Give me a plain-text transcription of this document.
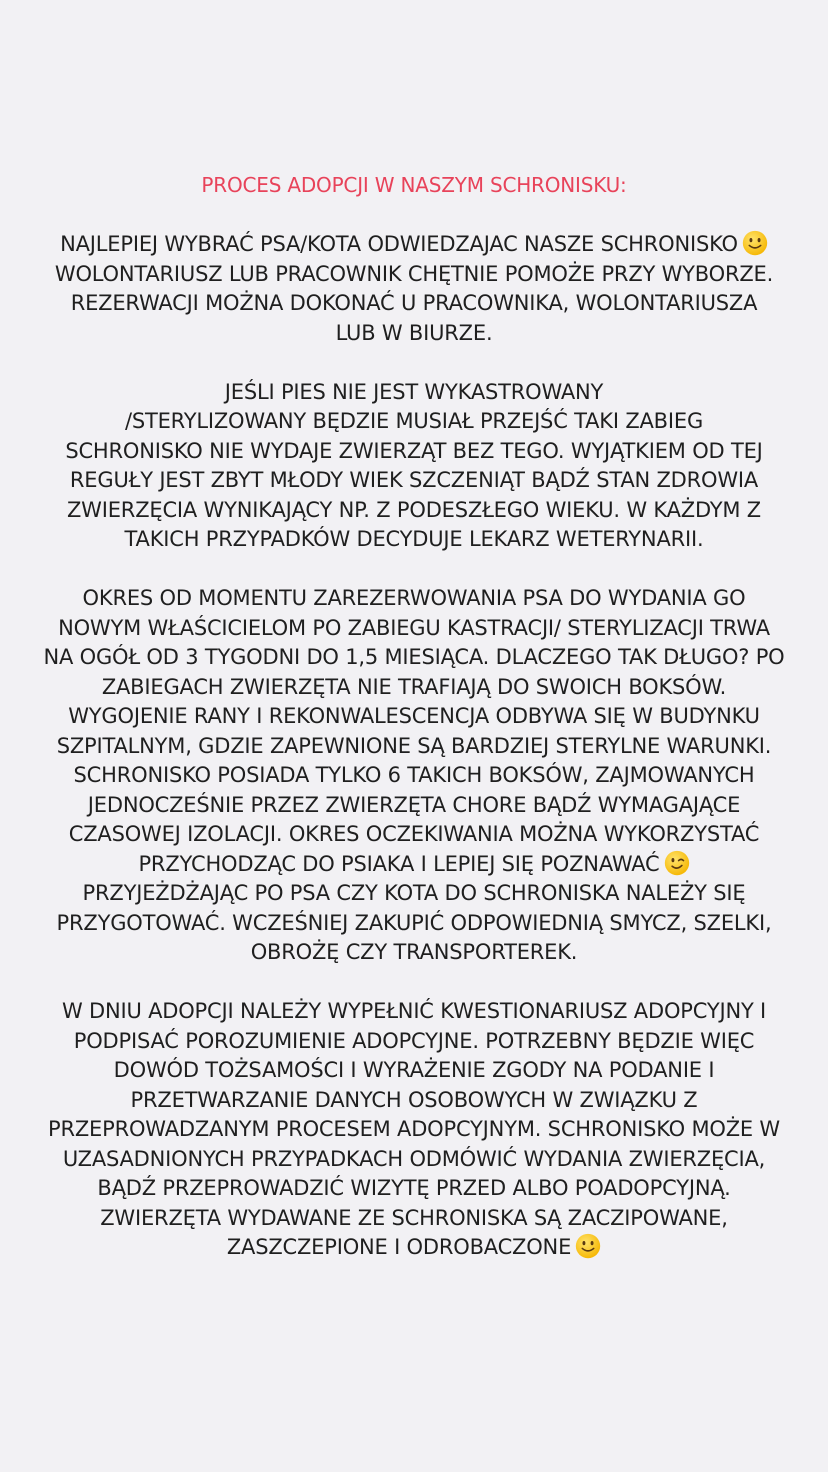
PROCES ADOPCJI W NASZYM SCHRONISKU:
NAJLEPIEJ WYBRAĆ PSA/KOTA ODWIEDZAJAC NASZE SCHRONISKO
WOLONTARIUSZ LUB PRACOWNIK CHĘTNIE POMOŻE PRZY WYBORZE.
REZERWACJI MOŻNA DOKONAĆ U PRACOWNIKA, WOLONTARIUSZA
LUB W BIURZE.
JEŚLI PIES NIE JEST WYKASTROWANY
/STERYLIZOWANY BĘDZIE MUSIAŁ PRZEJŚĆ TAKI ZABIEG
SCHRONISKO NIE WYDAJE ZWIERZĄT BEZ TEGO. WYJĄTKIEM OD TEJ
REGUŁY JEST ZBYT MŁODY WIEK SZCZENIĄT BĄDŹ STAN ZDROWIA
ZWIERZĘCIA WYNIKAJĄCY NP. Z PODESZŁEGO WIEKU. W KAŻDYM Z
TAKICH PRZYPADKÓW DECYDUJE LEKARZ WETERYNARII.
OKRES OD MOMENTU ZAREZERWOWANIA PSA DO WYDANIA GO
NOWYM WŁAŚCICIELOM PO ZABIEGU KASTRACJI/ STERYLIZACJI TRWA
NA OGÓŁ OD 3 TYGODNI DO 1,5 MIESIĄCA. DLACZEGO TAK DŁUGO? PO
ZABIEGACH ZWIERZĘTA NIE TRAFIAJĄ DO SWOICH BOKSÓW.
WYGOJENIE RANY I REKONWALESCENCJA ODBYWA SIĘ W BUDYNKU
SZPITALNYM, GDZIE ZAPEWNIONE SĄ BARDZIEJ STERYLNE WARUNKI.
SCHRONISKO POSIADA TYLKO 6 TAKICH BOKSÓW, ZAJMOWANYCH
JEDNOCZEŚNIE PRZEZ ZWIERZĘTA CHORE BĄDŹ WYMAGAJĄCE
CZASOWEJ IZOLACJI. OKRES OCZEKIWANIA MOŻNA WYKORZYSTAĆ
PRZYCHODZĄC DO PSIAKA I LEPIEJ SIĘ POZNAWAĆ
PRZYJEŻDŻAJĄC PO PSA CZY KOTA DO SCHRONISKA NALEŻY SIĘ
PRZYGOTOWAĆ. WCZEŚNIEJ ZAKUPIĆ ODPOWIEDNIĄ SMYCZ, SZELKI,
OBROŻĘ CZY TRANSPORTEREK.
W DNIU ADOPCJI NALEŻY WYPEŁNIĆ KWESTIONARIUSZ ADOPCYJNY I
PODPISAĆ POROZUMIENIE ADOPCYJNE. POTRZEBNY BĘDZIE WIĘC
DOWÓD TOŻSAMOŚCI I WYRAŻENIE ZGODY NA PODANIE I
PRZETWARZANIE DANYCH OSOBOWYCH W ZWIĄZKU Z
PRZEPROWADZANYM PROCESEM ADOPCYJNYM. SCHRONISKO MOŻE W
UZASADNIONYCH PRZYPADKACH ODMÓWIĆ WYDANIA ZWIERZĘCIA,
BĄDŹ PRZEPROWADZIĆ WIZYTĘ PRZED ALBO POADOPCYJNĄ.
ZWIERZĘTA WYDAWANE ZE SCHRONISKA SĄ ZACZIPOWANE,
ZASZCZEPIONE I ODROBACZONE
